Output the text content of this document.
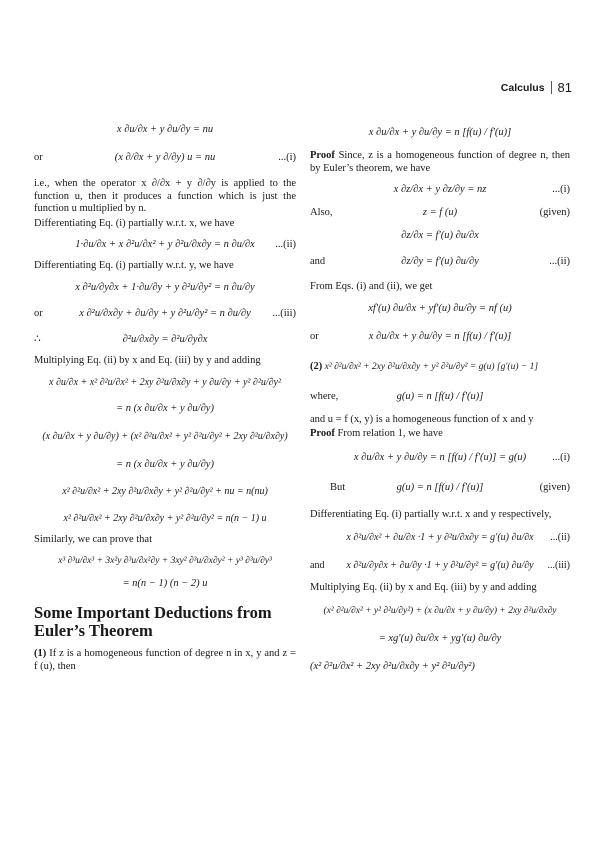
Calculus 81
x ∂u/∂x + y ∂u/∂y = nu
or	(x ∂/∂x + y ∂/∂y) u = nu	...(i)

i.e., when the operator x ∂/∂x + y ∂/∂y is applied to the function u, then it produces a function which is just the function u multiplied by n.

Differentiating Eq. (i) partially w.r.t. x, we have

1·∂u/∂x + x ∂²u/∂x² + y ∂²u/∂x∂y = n ∂u/∂x ...(ii)

Differentiating Eq. (i) partially w.r.t. y, we have

x ∂²u/∂y∂x + 1·∂u/∂y + y ∂²u/∂y² = n ∂u/∂y
or	x ∂²u/∂x∂y + ∂u/∂y + y ∂²u/∂y² = n ∂u/∂y ...(iii)
∴	∂²u/∂x∂y = ∂²u/∂y∂x

Multiplying Eq. (ii) by x and Eq. (iii) by y and adding

x ∂u/∂x + x² ∂²u/∂x² + 2xy ∂²u/∂x∂y + y ∂u/∂y + y² ∂²u/∂y²
= n (x ∂u/∂x + y ∂u/∂y)
(x ∂u/∂x + y ∂u/∂y) + (x² ∂²u/∂x² + y² ∂²u/∂y² + 2xy ∂²u/∂x∂y)
= n (x ∂u/∂x + y ∂u/∂y)
x² ∂²u/∂x² + 2xy ∂²u/∂x∂y + y² ∂²u/∂y² + nu = n(nu)
x² ∂²u/∂x² + 2xy ∂²u/∂x∂y + y² ∂²u/∂y² = n(n − 1) u

Similarly, we can prove that

x³ ∂³u/∂x³ + 3x²y ∂³u/∂x²∂y + 3xy² ∂³u/∂x∂y² + y³ ∂³u/∂y³
= n(n − 1) (n − 2) u
Some Important Deductions from Euler’s Theorem

(1) If z is a homogeneous function of degree n in x, y and z = f (u), then

x ∂u/∂x + y ∂u/∂y = n [f(u) / f′(u)]

Proof Since, z is a homogeneous function of degree n, then by Euler’s theorem, we have

x ∂z/∂x + y ∂z/∂y = nz	...(i)
Also,	z = f (u)	(given)
∂z/∂x = f′(u) ∂u/∂x
and	∂z/∂y = f′(u) ∂u/∂y	...(ii)

From Eqs. (i) and (ii), we get

xf′(u) ∂u/∂x + yf′(u) ∂u/∂y = nf (u)
or	x ∂u/∂x + y ∂u/∂y = n [f(u) / f′(u)]
(2) x² ∂²u/∂x² + 2xy ∂²u/∂x∂y + y² ∂²u/∂y² = g(u) [g′(u) − 1]
where,	g(u) = n [f(u) / f′(u)]

and u = f (x, y) is a homogeneous function of x and y

Proof From relation 1, we have

x ∂u/∂x + y ∂u/∂y = n [f(u) / f′(u)] = g(u) ...(i)
But	g(u) = n [f(u) / f′(u)]	(given)

Differentiating Eq. (i) partially w.r.t. x and y respectively,

x ∂²u/∂x² + ∂u/∂x ·1 + y ∂²u/∂x∂y = g′(u) ∂u/∂x ...(ii)
and x ∂²u/∂y∂x + ∂u/∂y ·1 + y ∂²u/∂y² = g′(u) ∂u/∂y ...(iii)

Multiplying Eq. (ii) by x and Eq. (iii) by y and adding

(x² ∂²u/∂x² + y² ∂²u/∂y²) + (x ∂u/∂x + y ∂u/∂y) + 2xy ∂²u/∂x∂y
= xg′(u) ∂u/∂x + yg′(u) ∂u/∂y
(x² ∂²u/∂x² + 2xy ∂²u/∂x∂y + y² ∂²u/∂y²)
